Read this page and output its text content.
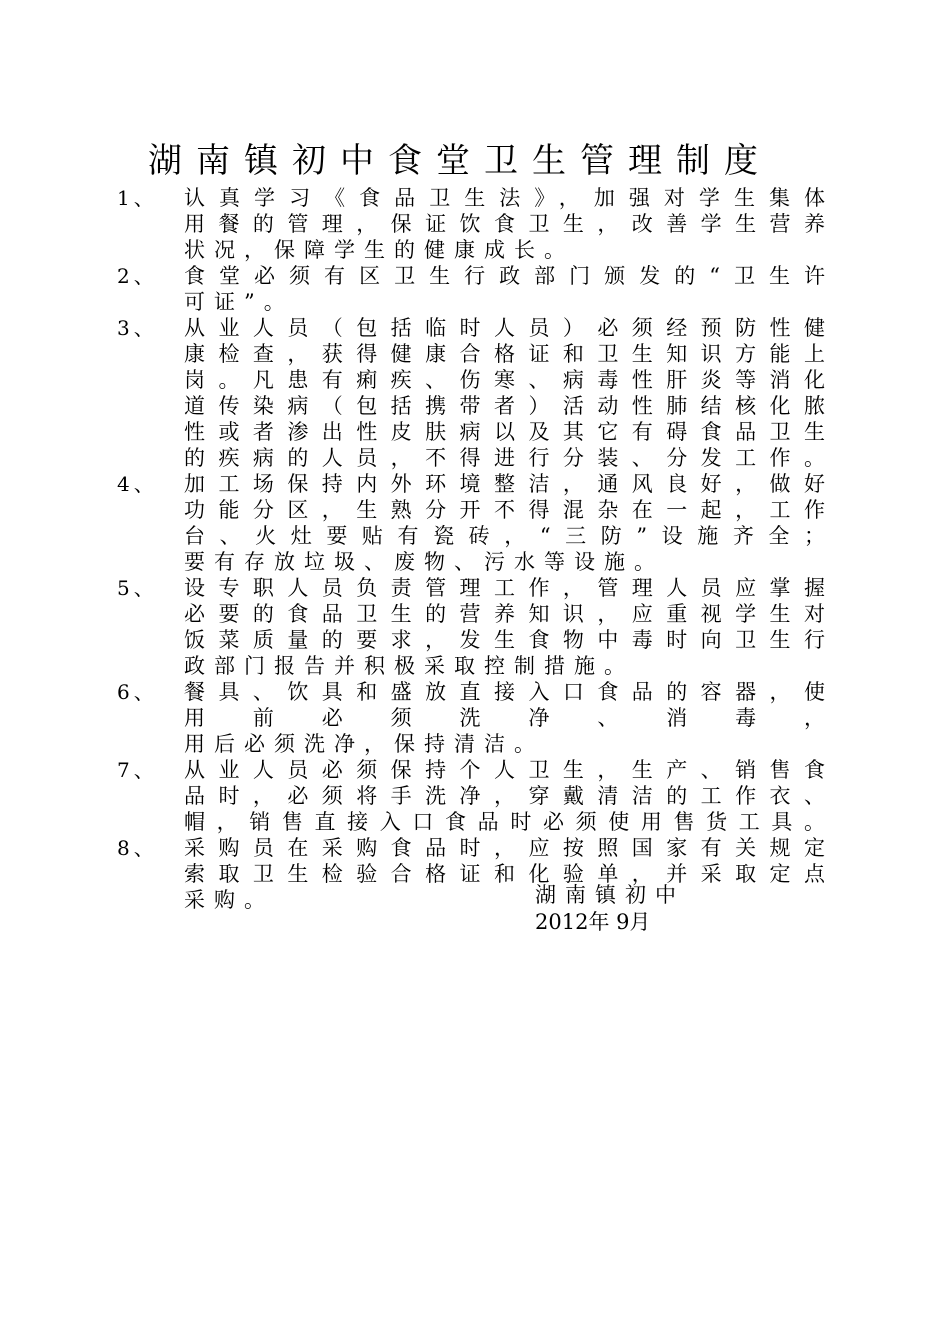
湖南镇初中食堂卫生管理制度
1、	认真学习《食品卫生法》，加强对学生集体
用餐的管理，保证饮食卫生，改善学生营养
状况，保障学生的健康成长。
2、	食堂必须有区卫生行政部门颁发的“卫生许
可证”。
3、	从业人员（包括临时人员）必须经预防性健
康检查，获得健康合格证和卫生知识方能上
岗。凡患有痢疾、伤寒、病毒性肝炎等消化
道传染病（包括携带者）活动性肺结核化脓
性或者渗出性皮肤病以及其它有碍食品卫生
的疾病的人员，不得进行分装、分发工作。
4、	加工场保持内外环境整洁，通风良好，做好
功能分区，生熟分开不得混杂在一起，工作
台、火灶要贴有瓷砖，“三防”设施齐全；
要有存放垃圾、废物、污水等设施。
5、	设专职人员负责管理工作，管理人员应掌握
必要的食品卫生的营养知识，应重视学生对
饭菜质量的要求，发生食物中毒时向卫生行
政部门报告并积极采取控制措施。
6、	餐具、饮具和盛放直接入口食品的容器，使
用前必须洗净、消毒，
用后必须洗净，保持清洁。
7、	从业人员必须保持个人卫生，生产、销售食
品时，必须将手洗净，穿戴清洁的工作衣、
帽，销售直接入口食品时必须使用售货工具。
8、	采购员在采购食品时，应按照国家有关规定
索取卫生检验合格证和化验单，并采取定点
采购。	湖南镇初中
2012年 9月
